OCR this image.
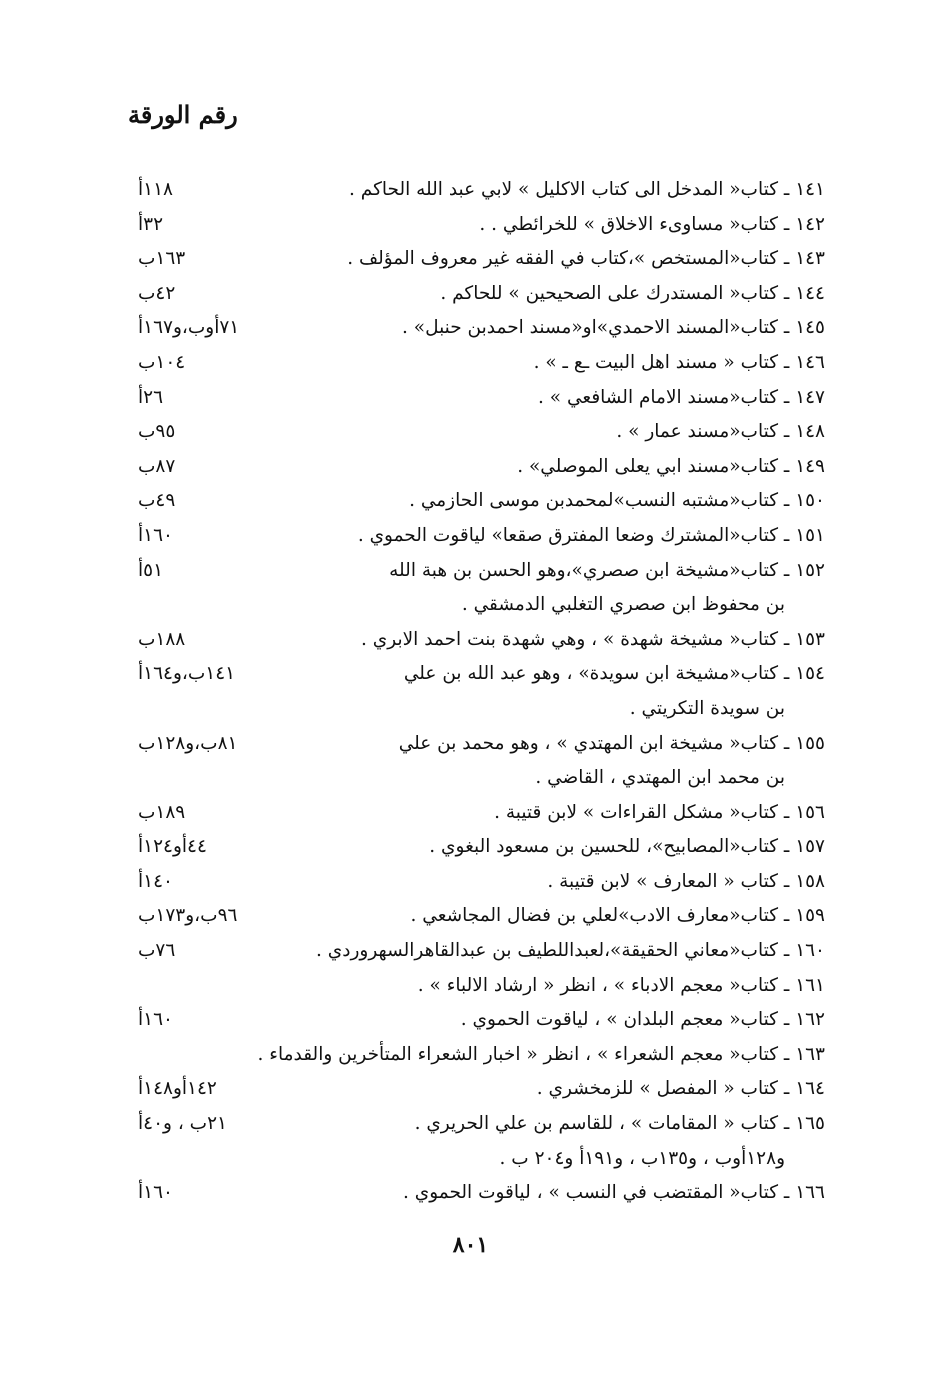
رقم الورقة
١٤١ ـ كتاب« المدخل الى كتاب الاكليل » لابي عبد الله الحاكم .
١١٨أ
١٤٢ ـ كتاب« مساوىء الاخلاق » للخرائطي . .
٣٢أ
١٤٣ ـ كتاب«المستخص »،كتاب في الفقه غير معروف المؤلف .
١٦٣ب
١٤٤ ـ كتاب« المستدرك على الصحيحين » للحاكم .
٤٢ب
١٤٥ ـ كتاب«المسند الاحمدي»او«مسند احمدبن حنبل» .
٧١أوب،و١٦٧أ
١٤٦ ـ كتاب « مسند اهل البيت ـع ـ » .
١٠٤ب
١٤٧ ـ كتاب«مسند الامام الشافعي » .
٢٦أ
١٤٨ ـ كتاب«مسند عمار » .
٩٥ب
١٤٩ ـ كتاب«مسند ابي يعلى الموصلي» .
٨٧ب
١٥٠ ـ كتاب«مشتبه النسب»لمحمدبن موسى الحازمي .
٤٩ب
١٥١ ـ كتاب«المشترك وضعا المفترق صقعا» لياقوت الحموي .
١٦٠أ
١٥٢ ـ كتاب«مشيخة ابن صصري»،وهو الحسن بن هبة الله
٥١أ
بن محفوظ ابن صصري التغلبي الدمشقي .
١٥٣ ـ كتاب« مشيخة شهدة » ، وهي شهدة بنت احمد الابري .
١٨٨ب
١٥٤ ـ كتاب«مشيخة ابن سويدة» ، وهو عبد الله بن علي
١٤١ب،و١٦٤أ
بن سويدة التكريتي .
١٥٥ ـ كتاب« مشيخة ابن المهتدي » ، وهو محمد بن علي
٨١ب،و١٢٨ب
بن محمد ابن المهتدي ، القاضي .
١٥٦ ـ كتاب« مشكل القراءات » لابن قتيبة .
١٨٩ب
١٥٧ ـ كتاب«المصابيح»، للحسين بن مسعود البغوي .
٤٤أو١٢٤أ
١٥٨ ـ كتاب « المعارف » لابن قتيبة .
١٤٠أ
١٥٩ ـ كتاب«معارف الادب»لعلي بن فضال المجاشعي .
٩٦ب،و١٧٣ب
١٦٠ ـ كتاب«معاني الحقيقة»،لعبداللطيف بن عبدالقاهرالسهروردي .
٧٦ب
١٦١ ـ كتاب« معجم الادباء » ، انظر « ارشاد الالباء » .
١٦٢ ـ كتاب« معجم البلدان » ، لياقوت الحموي .
١٦٠أ
١٦٣ ـ كتاب« معجم الشعراء » ، انظر « اخبار الشعراء المتأخرين والقدماء .
١٦٤ ـ كتاب « المفصل » للزمخشري .
١٤٢أو١٤٨أ
١٦٥ ـ كتاب « المقامات » ، للقاسم بن علي الحريري .
٢١ب ، و٤٠أ
و١٢٨أوب ، و١٣٥ب ، و١٩١أ و٢٠٤ ب .
١٦٦ ـ كتاب« المقتضب في النسب » ، لياقوت الحموي .
١٦٠أ
٨٠١
